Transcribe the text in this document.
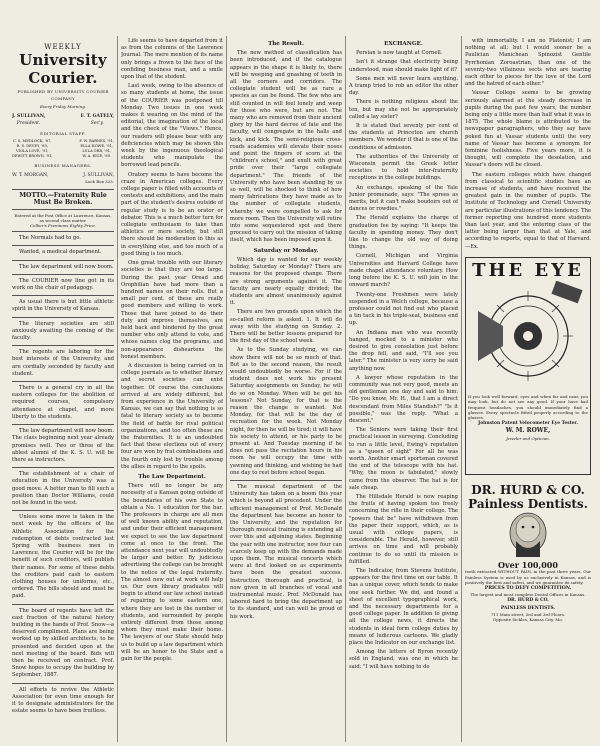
WEEKLY
University Courier.
PUBLISHED BY UNIVERSITY COURIER COMPANY
Every Friday Morning.
J. SULLIVAN,
President.
F. T. GATELY,
Sec'y.
EDITORIAL STAFF.
C. S. MEDLOCK, '87,
R. S. DEVEY, '89,
VIOLA LOVE, '91,
DEWITT BROWN, '91,
F. W. BARNES, '91,
ELLA HOWE, '91,
LULA ORR, '91,
W. A. RICE, '89.
BUSINESS MANAGERS.
W. T. MORGAN,	J. SULLIVAN,
Lock Box 323.
MOTTO.—Fraternity Rule Must Be Broken.
Entered at the Post Office at Lawrence, Kansas, as second class matter.
Collier's Premiums Eighty Price.

The Normals had to go.

Wanted, a medical department.

The law department will now boom.

The COURIER now line got in its work on the chair of pedagogy.

As usual there is but little athletic spirit in the University of Kansas.

The literary societies are still anxiously awaiting the coming of the faculty.

The regents are laboring for the best interests of the University, and are cordially seconded by faculty and student.

There is a general cry in all the eastern colleges for the abolition of required courses, compulsory attendance at chapel, and more liberty to the students.

The law department will now boom. The class beginning next year already promises well. Two or three of the ablest alumni of the K. S. U. will be there as instructors.

The establishment of a chair of education in the University was a good move. A better man to fill such a position than Doctor Williams, could not be found in the west.

Unless some move is taken in the next week by the officers of the Athletic Association for the redemption of debts contracted last Spring with business men in Lawrence, the Courier will be for the benefit of such creditors, will publish their names. For some of these debts the creditors paid cash to eastern clothing houses for uniforms, etc., ordered. The bills should and must be paid.

The board of regents have left the east fraction of the natural history building in the hands of Prof. Snow—a deserved compliment. Plans are being worked up by skilled architects, to be presented and decided upon at the next meeting of the board. Bids will then be received on contract. Prof. Snow hopes to occupy the building by September, 1887.

All efforts to revive the Athletic Association for even time enough for it to designate administrators for the estate seems to have been fruitless.

Life seems to have departed from it as from the columns of the Lawrence Journal. The mere mention of its name only brings a frown to the face of the confiding business man, and a smile upon that of the student.

Last week, owing to the absence of so many students at home, the issue of the COURIER was postponed till Monday. Two issues in one week makes it wearing on the mind of the editorial, the imagination of the local and the check of the "Views." Hence, our readers will please bear with any deficiencies which may be shown this week by the ingenuous theological students who manipulate the borrowed lead pencils.

Oratory seems to have become the craze in American colleges. Every college paper is filled with accounts of contests and exhibitions, and the main part of the student's desires outside of regular study is to be an orator or debator. This is a much better turn for collegiate enthusiasm to take than athletics or mere society, but still there should be moderation in this as in everything else, and too much of a good thing is too much.

One great trouble with our literary societies is that they are too large. During the past year Oread and Orophilian have had more than a hundred names on their rolls. But a small per cent. of these are really good members and willing to work. Those that have joined to do their duty and improve themselves, are held back and hindered by the great number who only attend to vote, and whose names clog the programs, and non-appearance disheartens the honest members.

A discussion is being carried on in college journals as to whether literary and secret societies can exist together. Of course the conclusions arrived at are widely different, but from experience in the University of Kansas, we can say that nothing is so fatal to literary society as to become the field of battle for rival political organizations, and too often these are the fraternities. It is an undoubted fact that these elections out of every four are won by frat combinations and the fourth only lost by trouble among the allies in regard to the spoils.

The Law Department.

There will no longer be any necessity of a Kansan going outside of the boundaries of his own State to obtain a No. 1 education for the bar. The professors in charge are all men of well known ability and reputation, and under their efficient management we expect to see the law department come at once to the front. The attendance next year will undoubtedly be larger and better. By judicious advertising the college can be brought to the notice of the legal fraternity. The almost new out at work will help us. Our own library graduates will begin to attend our law school instead of repairing to some eastern one, where they are lost in the number of students, and surrounded by people entirely different from those among whom they must make their home. The lawyers of our State should help us to build up a law department which will be an honor to the State and a gain for the people.

The Result.

The new method of classification has been introduced, and if the catalogue appears in the shape it is likely to, there will be weeping and gnashing of teeth in all the corners and corridors. The collegiate student will be as rare a species as can be found. The few who are still counted in will feel lonely and weep for those who were, but are not. The many who are removed from their ancient glory by the hard decree of fate and the faculty, will congregate in the halls and kick, and kick. The semi-religious cross-roads academies will elevate their noses and point the fingers of scorn at the "children's school," and exult with great pride over their "large collegiate department." The friends of the University who have been standing by us so well, will be shocked to think of how many fabrications they have made as to the number of collegiate students, whereby we were compelled to ask for more room. Then the University will retire into some sequestered spot and there proceed to carry out the mission of taking itself, which has been imposed upon it.

Saturday or Monday.

Which day is wanted for our weekly holiday, Saturday or Monday? There are reasons for the proposed change. There are strong arguments against it. The faculty are nearly equally divided; the students are almost unanimously against it.

There are two grounds upon which the so-called reform is asked. 1. It will do away with the studying on Sunday. 2. There will be better lessons prepared for the first day of the school week.

As to the Sunday studying, we can show there will not be so much of that. But as to the second reason, the result would undoubtedly be worse. For if the student does not work his present Saturday assignments on Sunday, he will do so on Monday. When will he get his lessons? Not Sunday, for that is the reason the change is wanted. Not Monday, for that will be the day of recreation for the week. Not Monday night, for then he will be tired; it will have his society to attend, or his party to be present at. And Tuesday morning if he does not pass the recitation hours in his room he will occupy the time with yawning and thinking, and wishing he had one day to rest before school began.

The musical department of the University has taken on a boom this year which is beyond all precedent. Under the efficient management of Prof. McDonald the department has become an honor to the University, and the reputation for thorough musical training is extending all over this and adjoining states. Beginning the year with one instructor, now four can scarcely keep up with the demands made upon them. The musical concerts which were at first looked on as experiments have been the greatest success. Instruction, thorough and practical, is now given in all branches of vocal and instrumental music. Prof. McDonald has labored hard to bring the department up to its standard, and can well be proud of his work.

EXCHANGE.

Persian is now taught at Cornell.

Isn't it strange that electricity being understood, man should make light of it?

Some men will never learn anything. A tramp tried to rob an editor the other day.

There is nothing religious about the ten, but may she not be appropriately called a lay sister?

It is stated that seventy per cent of the students at Princeton are church members. We wonder if that is one of the conditions of admission.

The authorities of the University of Wisconsin permit the Greek letter societies to hold inter-fraternity receptions in the college buildings.

An exchange, speaking of the Yale Junior promenade, says: "The sprees as merits, but it can't make boudoirs out of dances or rowdies."

The Herald explains the charge of graduation fee by saying: "It keeps the faculty in spending money. They don't like to change the old way of doing things.

Cornell, Michigan and Virginia Universities and Harvard College have made chapel attendance voluntary. How long before the K. S. U. will join in the onward march?

Twenty-one Freshmen were lately suspended in a Welch college, because a professor could not find out who placed a tin tack in his triple-seat, business end up.

An Indiana man who was recently hanged, mocked to a minister who desired to give consolation just before the drop fell, and said, "I'll see you later." The minister is very sorry he said anything now.

A lawyer whose reputation in the community was not very good, meets an old gentleman one day and said to him: "Do you know, Mr. H., that I am a direct descendant from Miles Standish?" "Is it possible," was the reply. "What a descent."

The Seniors were taking their first practical lesson in surveying. Concluding to run a little level, Ewing's reputation as a "queen of sight" For all he was worth. Another smart sportsman covered the end of the telescope with his hat. "Why, the moon is tabulated," slowly came from the observer. The hat is for sale cheap.

The Hillsdale Herald is now reaping the fruits of having spoken too freely concerning the rifle in their college. The "powers that be" have withdrawn from the paper their support, which, as is usual with college papers, is considerable. The Herald, however, still arrives on time and will probably continue to do so until its mission is fulfilled.

The Indicator, from Stevens Institute, appears for the first time on our table. It has a unique cover, which tends to make one seek further. We did, and found a sheet of excellent typographical work, and the necessary departments for a good college paper. In addition to giving all the college news, it directs the students in ideal form college duties by means of ludicrous cartoons. We gladly place the Indicator on our exchange list.

Among the letters of Byron recently sold in England, was one in which he said: "I will have nothing to do

with immortality. I am no Platonist; I am nothing at all; but I would sooner be a Paulician Manichean Spinozist Gentile Pyrrhonian Zoroastrian, than one of the seventy-two villainous sects who are tearing each other to pieces for the love of the Lord and the hatred of each other."

Vassar College seems to be growing seriously alarmed at the steady decrease in pupils during the past few years, the number being only a little more than half what it was in 1875. The whole blame is attributed to the newspaper paragraphers, who they say have poked fun at Vassar students until the very name of Vassar has become a synonym for feminine foolishness. Five years more, it is thought, will complete the desolation, and Vassar's doors will be closed.

The eastern colleges which have changed from classical to scientific studies have an increase of students, and have received the greatest gain in the number of pupils. The Institute of Technology and Cornell University are particular illustrations of this tendency. The former reporting one hundred more students than last year, and the entering class of the latter being larger than that at Yale, and according to reports, equal to that of Harvard.—Ex.

THE EYE
If you look well forward, eyes and when far and near, you may look, but do not see any good. If your have had frequent headaches, you should immediately find a glasses. Every spectacle fitted properly according to the glasses.
Johnston Patent Velocometer Eye Tester.
W. M. ROWE,
Jeweler and Optician.
DR. HURD & CO.
Painless Dentists.
Over 100,000
teeth extracted WITHOUT PAIN, in the past three years. Our Painless System is used by us exclusively in Kansas, and is positively the best and safest, and we guarantee its safety.
PRICES TO DEFY COMPETITION.
The largest and most complete Dental Offices in Kansas.
DR. HURD & CO.
PAINLESS DENTISTS.
711 Main street, 3rd and 3rd Floors.
Opposite Sickles, Kansas City, Mo.
